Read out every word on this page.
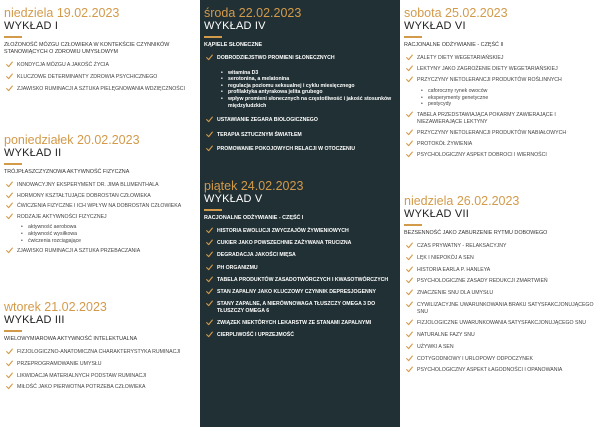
niedziela 19.02.2023
WYKŁAD I
ZŁOŻONOŚĆ MÓZGU CZŁOWIEKA W KONTEKŚCIE CZYNNIKÓW STANOWIĄCYCH O ZDROWIU UMYSŁOWYM
KONDYCJA MÓZGU A JAKOŚĆ ŻYCIA
KLUCZOWE DETERMINANTY ZDROWIA PSYCHICZNEGO
ZJAWISKO RUMINACJI A SZTUKA PIELĘGNOWANIA WDZIĘCZNOŚCI
poniedziałek 20.02.2023
WYKŁAD II
TRÓJPŁASZCZYZNOWA AKTYWNOŚĆ FIZYCZNA
INNOWACYJNY EKSPERYMENT DR. JIMA BLUMENTHALA
HORMONY KSZTAŁTUJĄCE DOBROSTAN CZŁOWIEKA
ĆWICZENIA FIZYCZNE I ICH WPŁYW NA DOBROSTAN CZŁOWIEKA
RODZAJE AKTYWNOŚCI FIZYCZNEJ
• aktywność aerobowa
• aktywność wysiłkowa
• ćwiczenia rozciągające
ZJAWISKO RUMINACJI A SZTUKA PRZEBACZANIA
wtorek 21.02.2023
WYKŁAD III
WIELOWYMIAROWA AKTYWNOŚĆ INTELEKTUALNA
FIZJOLOGICZNO-ANATOMICZNA CHARAKTERYSTYKA RUMINACJI
PRZEPROGRAMOWANIE UMYSŁU
LIKWIDACJA MATERIALNYCH PODSTAW RUMINACJI
MIŁOŚĆ JAKO PIERWOTNA POTRZEBA CZŁOWIEKA
środa 22.02.2023
WYKŁAD IV
KĄPIELE SŁONECZNE
DOBRODZIEJSTWO PROMIENI SŁONECZNYCH
• witamina D3
• serotonina, a melatonina
• regulacja poziomu seksualnej i cyklu miesięcznego
• profilaktyka antyrakowa jelita grubego
• wpływ promieni słonecznych na częstotliwość i jakość stosunków międzyludzkich
USTAWIANIE ZEGARA BIOLOGICZNEGO
TERAPIA SZTUCZNYM ŚWIATŁEM
PROMOWANIE POKOJOWYCH RELACJI W OTOCZENIU
piątek 24.02.2023
WYKŁAD V
RACJONALNE ODŻYWIANIE - CZĘŚĆ I
HISTORIA EWOLUCJI ZWYCZAJÓW ŻYWIENIOWYCH
CUKIER JAKO POWSZECHNIE ZAŻYWANA TRUCIZNA
DEGRADACJA JAKOŚCI MIĘSA
PH ORGANIZMU
TABELA PRODUKTÓW ZASADOTWÓRCZYCH I KWASOTWÓRCZYCH
STAN ZAPALNY JAKO KLUCZOWY CZYNNIK DEPRESJOGENNY
STANY ZAPALNE, A NIERÓWNOWAGA TŁUSZCZY OMEGA 3 DO TŁUSZCZY OMEGA 6
ZWIĄZEK NIEKTÓRYCH LEKARSTW ZE STANAMI ZAPALNYMI
CIERPLIWOŚĆ I UPRZEJMOŚĆ
sobota 25.02.2023
WYKŁAD VI
RACJONALNE ODŻYWIANIE - CZĘŚĆ II
ZALETY DIETY WEGETARIAŃSKIEJ
LEKTYNY JAKO ZAGROŻENIE DIETY WEGETARIAŃSKIEJ
PRZYCZYNY NIETOLERANCJI PRODUKTÓW ROŚLINNYCH
• caforoczny rynek owoców
• eksperymenty genetyczne
• pestycydy
TABELA PRZEDSTAWIAJĄCA POKARMY ZAWIERAJĄCE I NIEZAWIERAJĄCE LEKTYNY
PRZYCZYNY NIETOLERANCJI PRODUKTÓW NABIAŁOWYCH
PROTOKÓŁ ŻYWIENIA
PSYCHOLOGICZNY ASPEKT DOBROCI I WIERNOŚCI
niedziela 26.02.2023
WYKŁAD VII
BEZSENNOŚĆ JAKO ZABURZENIE RYTMU DOBOWEGO
CZAS PRYWATNY - RELAKSACYJNY
LĘK I NIEPOKÓJ A SEN
HISTORIA EARLA P. HANLEYA
PSYCHOLOGICZNE ZASADY REDUKCJI ZMARTWIEŃ
ZNACZENIE SNU DLA UMYSŁU
CYWILIZACYJNE UWARUNKOWANIA BRAKU SATYSFAKCJONUJĄCEGO SNU
FIZJOLOGICZNE UWARUNKOWANIA SATYSFAKCJONUJĄCEGO SNU
NATURALNE FAZY SNU
UŻYWKI A SEN
COTYGODNIOWY I URLOPOWY ODPOCZYNEK
PSYCHOLOGICZNY ASPEKT ŁAGODNOŚCI I OPANOWANIA
